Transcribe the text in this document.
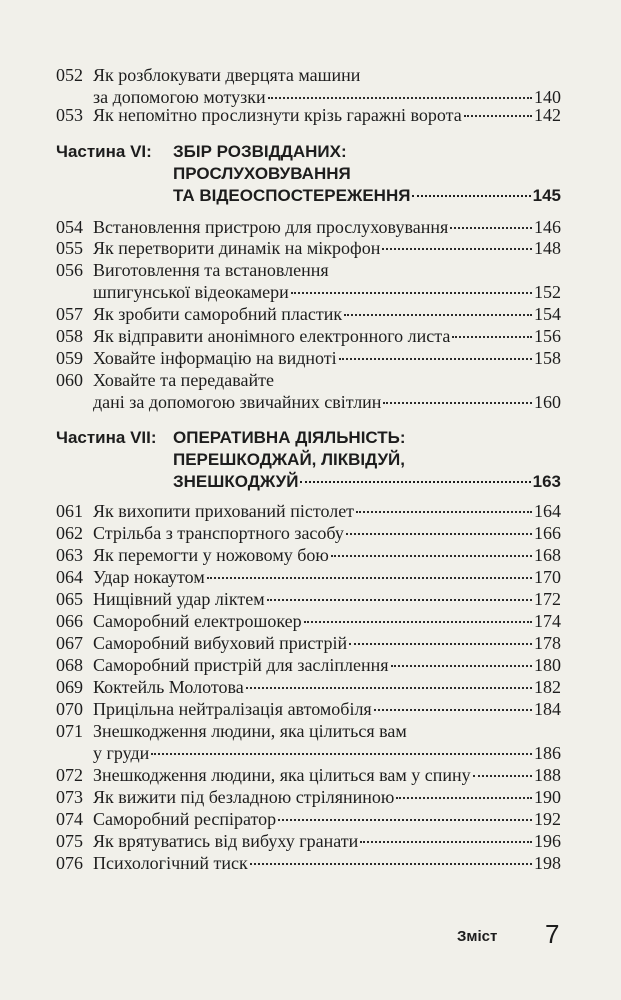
052 Як розблокувати дверцята машини
за допомогою мотузки	140
053 Як непомітно прослизнути крізь гаражні ворота	142
Частина VI:	ЗБІР РОЗВІДДАНИХ:
ПРОСЛУХОВУВАННЯ
ТА ВІДЕОСПОСТЕРЕЖЕННЯ	145
054 Встановлення пристрою для прослуховування	146
055 Як перетворити динамік на мікрофон	148
056 Виготовлення та встановлення
шпигунської відеокамери	152
057 Як зробити саморобний пластик	154
058 Як відправити анонімного електронного листа	156
059 Ховайте інформацію на видноті	158
060 Ховайте та передавайте
дані за допомогою звичайних світлин	160
Частина VII: ОПЕРАТИВНА ДІЯЛЬНІСТЬ:
ПЕРЕШКОДЖАЙ, ЛІКВІДУЙ,
ЗНЕШКОДЖУЙ	163
061 Як вихопити прихований пістолет	164
062 Стрільба з транспортного засобу	166
063 Як перемогти у ножовому бою	168
064 Удар нокаутом	170
065 Нищівний удар ліктем	172
066 Саморобний електрошокер	174
067 Саморобний вибуховий пристрій	178
068 Саморобний пристрій для засліплення	180
069 Коктейль Молотова	182
070 Прицільна нейтралізація автомобіля	184
071 Знешкодження людини, яка цілиться вам
у груди	186
072 Знешкодження людини, яка цілиться вам у спину	188
073 Як вижити під безладною стріляниною	190
074 Саморобний респіратор	192
075 Як врятуватись від вибуху гранати	196
076 Психологічний тиск	198
Зміст 7
